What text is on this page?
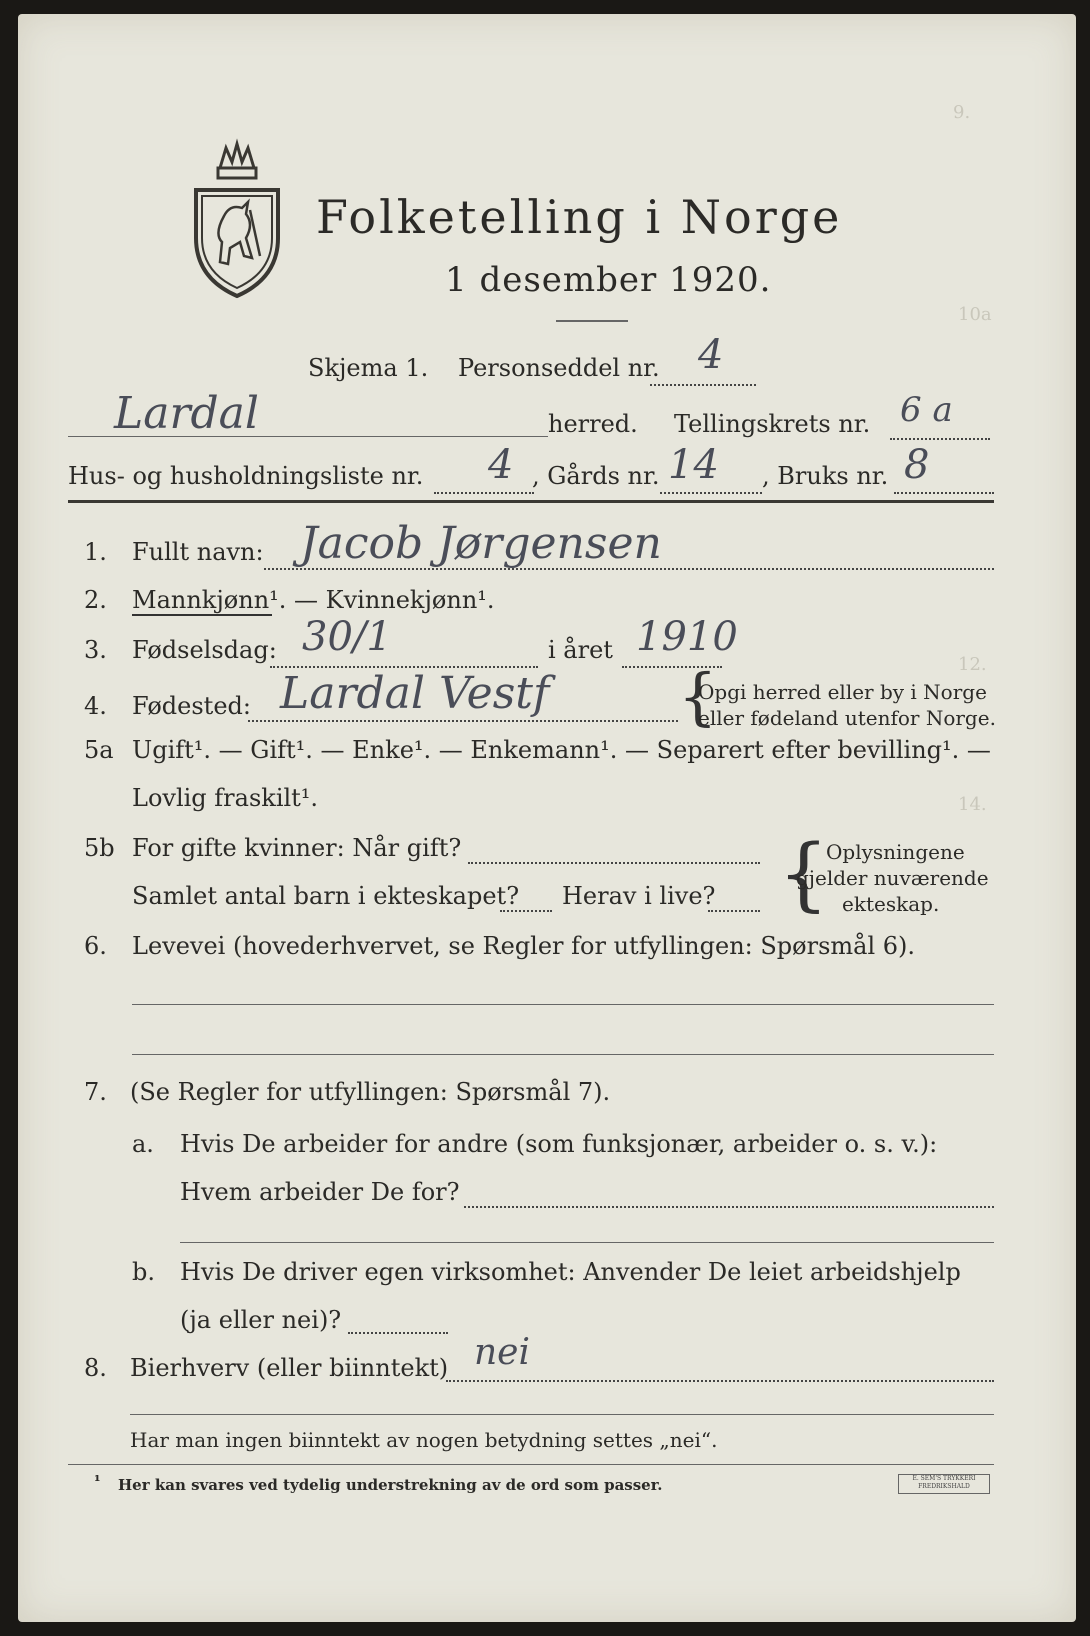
9.
10a
12.
14.
Folketelling i Norge
1 desember 1920.
Skjema 1. Personseddel nr. 4
Lardal	herred. Tellingskrets nr. 6 a
Hus- og husholdningsliste nr. 4 , Gårds nr. 14 , Bruks nr. 8
1. Fullt navn: Jacob Jørgensen
2. Mannkjønn¹. — Kvinnekjønn¹.
3. Fødselsdag: 30/1	i året 1910
4. Fødested: Lardal Vestf {
Opgi herred eller by i Norge
eller fødeland utenfor Norge.
5a Ugift¹. — Gift¹. — Enke¹. — Enkemann¹. — Separert efter bevilling¹. —
Lovlig fraskilt¹.
5b For gifte kvinner: Når gift?
Samlet antal barn i ekteskapet? Herav i live? {
Oplysningene
gjelder nuværende
ekteskap.
6. Levevei (hovederhvervet, se Regler for utfyllingen: Spørsmål 6).
7. (Se Regler for utfyllingen: Spørsmål 7).
a. Hvis De arbeider for andre (som funksjonær, arbeider o. s. v.):
Hvem arbeider De for?
b. Hvis De driver egen virksomhet: Anvender De leiet arbeidshjelp
(ja eller nei)?
8. Bierhverv (eller biinntekt) nei
Har man ingen biinntekt av nogen betydning settes „nei“.
¹ Her kan svares ved tydelig understrekning av de ord som passer.	E. SEM'S TRYKKERI FREDRIKSHALD
